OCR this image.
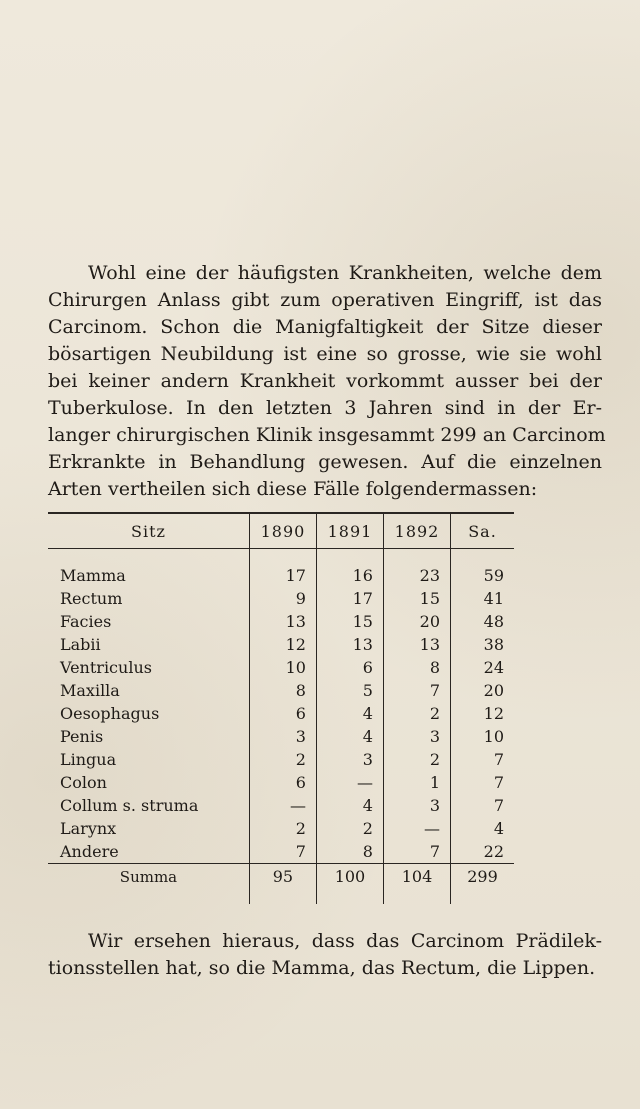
Wohl eine der häufigsten Krankheiten, welche dem
Chirurgen Anlass gibt zum operativen Eingriff, ist das
Carcinom. Schon die Manigfaltigkeit der Sitze dieser
bösartigen Neubildung ist eine so grosse, wie sie wohl
bei keiner andern Krankheit vorkommt ausser bei der
Tuberkulose. In den letzten 3 Jahren sind in der Er-
langer chirurgischen Klinik insgesammt 299 an Carcinom
Erkrankte in Behandlung gewesen. Auf die einzelnen
Arten vertheilen sich diese Fälle folgendermassen:

Sitz	1890	1891	1892	Sa.

Mamma	17	16	23	59
Rectum	9	17	15	41
Facies	13	15	20	48
Labii	12	13	13	38
Ventriculus	10	6	8	24
Maxilla	8	5	7	20
Oesophagus	6	4	2	12
Penis	3	4	3	10
Lingua	2	3	2	7
Colon	6	—	1	7
Collum s. struma	—	4	3	7
Larynx	2	2	—	4
Andere	7	8	7	22
Summa	95	100	104	299

Wir ersehen hieraus, dass das Carcinom Prädilek-
tionsstellen hat, so die Mamma, das Rectum, die Lippen.
